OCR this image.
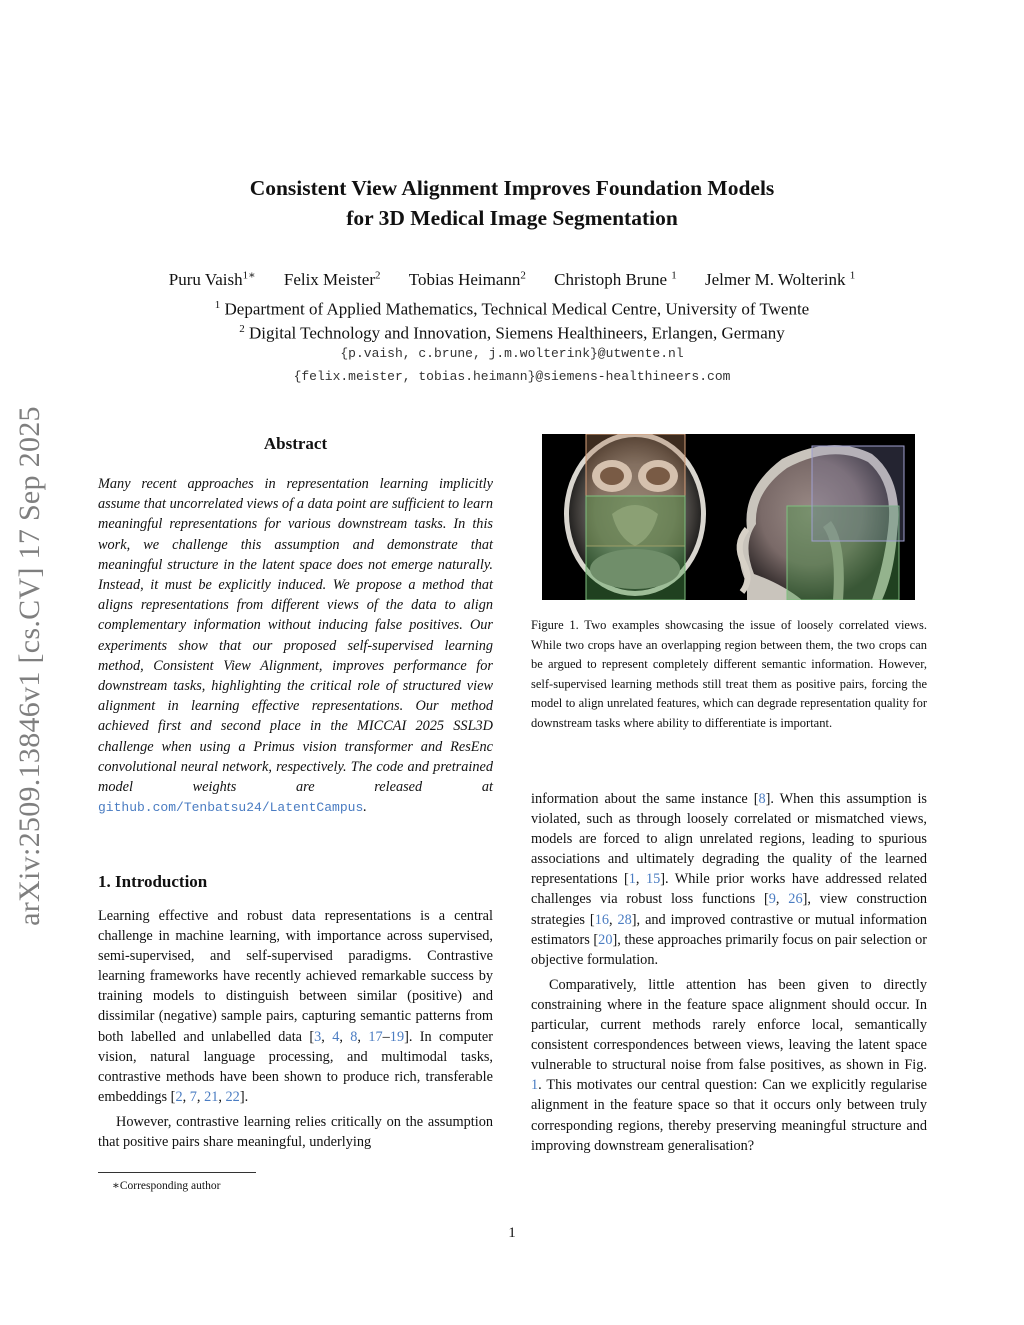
arXiv:2509.13846v1 [cs.CV] 17 Sep 2025
Consistent View Alignment Improves Foundation Models
for 3D Medical Image Segmentation

Puru Vaish$^{1∗}$ Felix Meister$^2$ Tobias Heimann$^2$ Christoph Brune $^1$ Jelmer M. Wolterink $^1$

$^1$ Department of Applied Mathematics, Technical Medical Centre, University of Twente

$^2$ Digital Technology and Innovation, Siemens Healthineers, Erlangen, Germany

{p.vaish, c.brune, j.m.wolterink}@utwente.nl

{felix.meister, tobias.heimann}@siemens-healthineers.com

Abstract

Many recent approaches in representation learning implicitly assume that uncorrelated views of a data point are sufficient to learn meaningful representations for various downstream tasks. In this work, we challenge this assumption and demonstrate that meaningful structure in the latent space does not emerge naturally. Instead, it must be explicitly induced. We propose a method that aligns representations from different views of the data to align complementary information without inducing false positives. Our experiments show that our proposed self-supervised learning method, Consistent View Alignment, improves performance for downstream tasks, highlighting the critical role of structured view alignment in learning effective representations. Our method achieved first and second place in the MICCAI 2025 SSL3D challenge when using a Primus vision transformer and ResEnc convolutional neural network, respectively. The code and pretrained model weights are released at github.com/Tenbatsu24/LatentCampus.

1. Introduction

Learning effective and robust data representations is a central challenge in machine learning, with importance across supervised, semi-supervised, and self-supervised paradigms. Contrastive learning frameworks have recently achieved remarkable success by training models to distinguish between similar (positive) and dissimilar (negative) sample pairs, capturing semantic patterns from both labelled and unlabelled data [3, 4, 8, 17–19]. In computer vision, natural language processing, and multimodal tasks, contrastive methods have been shown to produce rich, transferable embeddings [2, 7, 21, 22].

However, contrastive learning relies critically on the assumption that positive pairs share meaningful, underlying

∗Corresponding author

Figure 1. Two examples showcasing the issue of loosely correlated views. While two crops have an overlapping region between them, the two crops can be argued to represent completely different semantic information. However, self-supervised learning methods still treat them as positive pairs, forcing the model to align unrelated features, which can degrade representation quality for downstream tasks where ability to differentiate is important.

information about the same instance [8]. When this assumption is violated, such as through loosely correlated or mismatched views, models are forced to align unrelated regions, leading to spurious associations and ultimately degrading the quality of the learned representations [1, 15]. While prior works have addressed related challenges via robust loss functions [9, 26], view construction strategies [16, 28], and improved contrastive or mutual information estimators [20], these approaches primarily focus on pair selection or objective formulation.

Comparatively, little attention has been given to directly constraining where in the feature space alignment should occur. In particular, current methods rarely enforce local, semantically consistent correspondences between views, leaving the latent space vulnerable to structural noise from false positives, as shown in Fig. 1. This motivates our central question: Can we explicitly regularise alignment in the feature space so that it occurs only between truly corresponding regions, thereby preserving meaningful structure and improving downstream generalisation?

1
